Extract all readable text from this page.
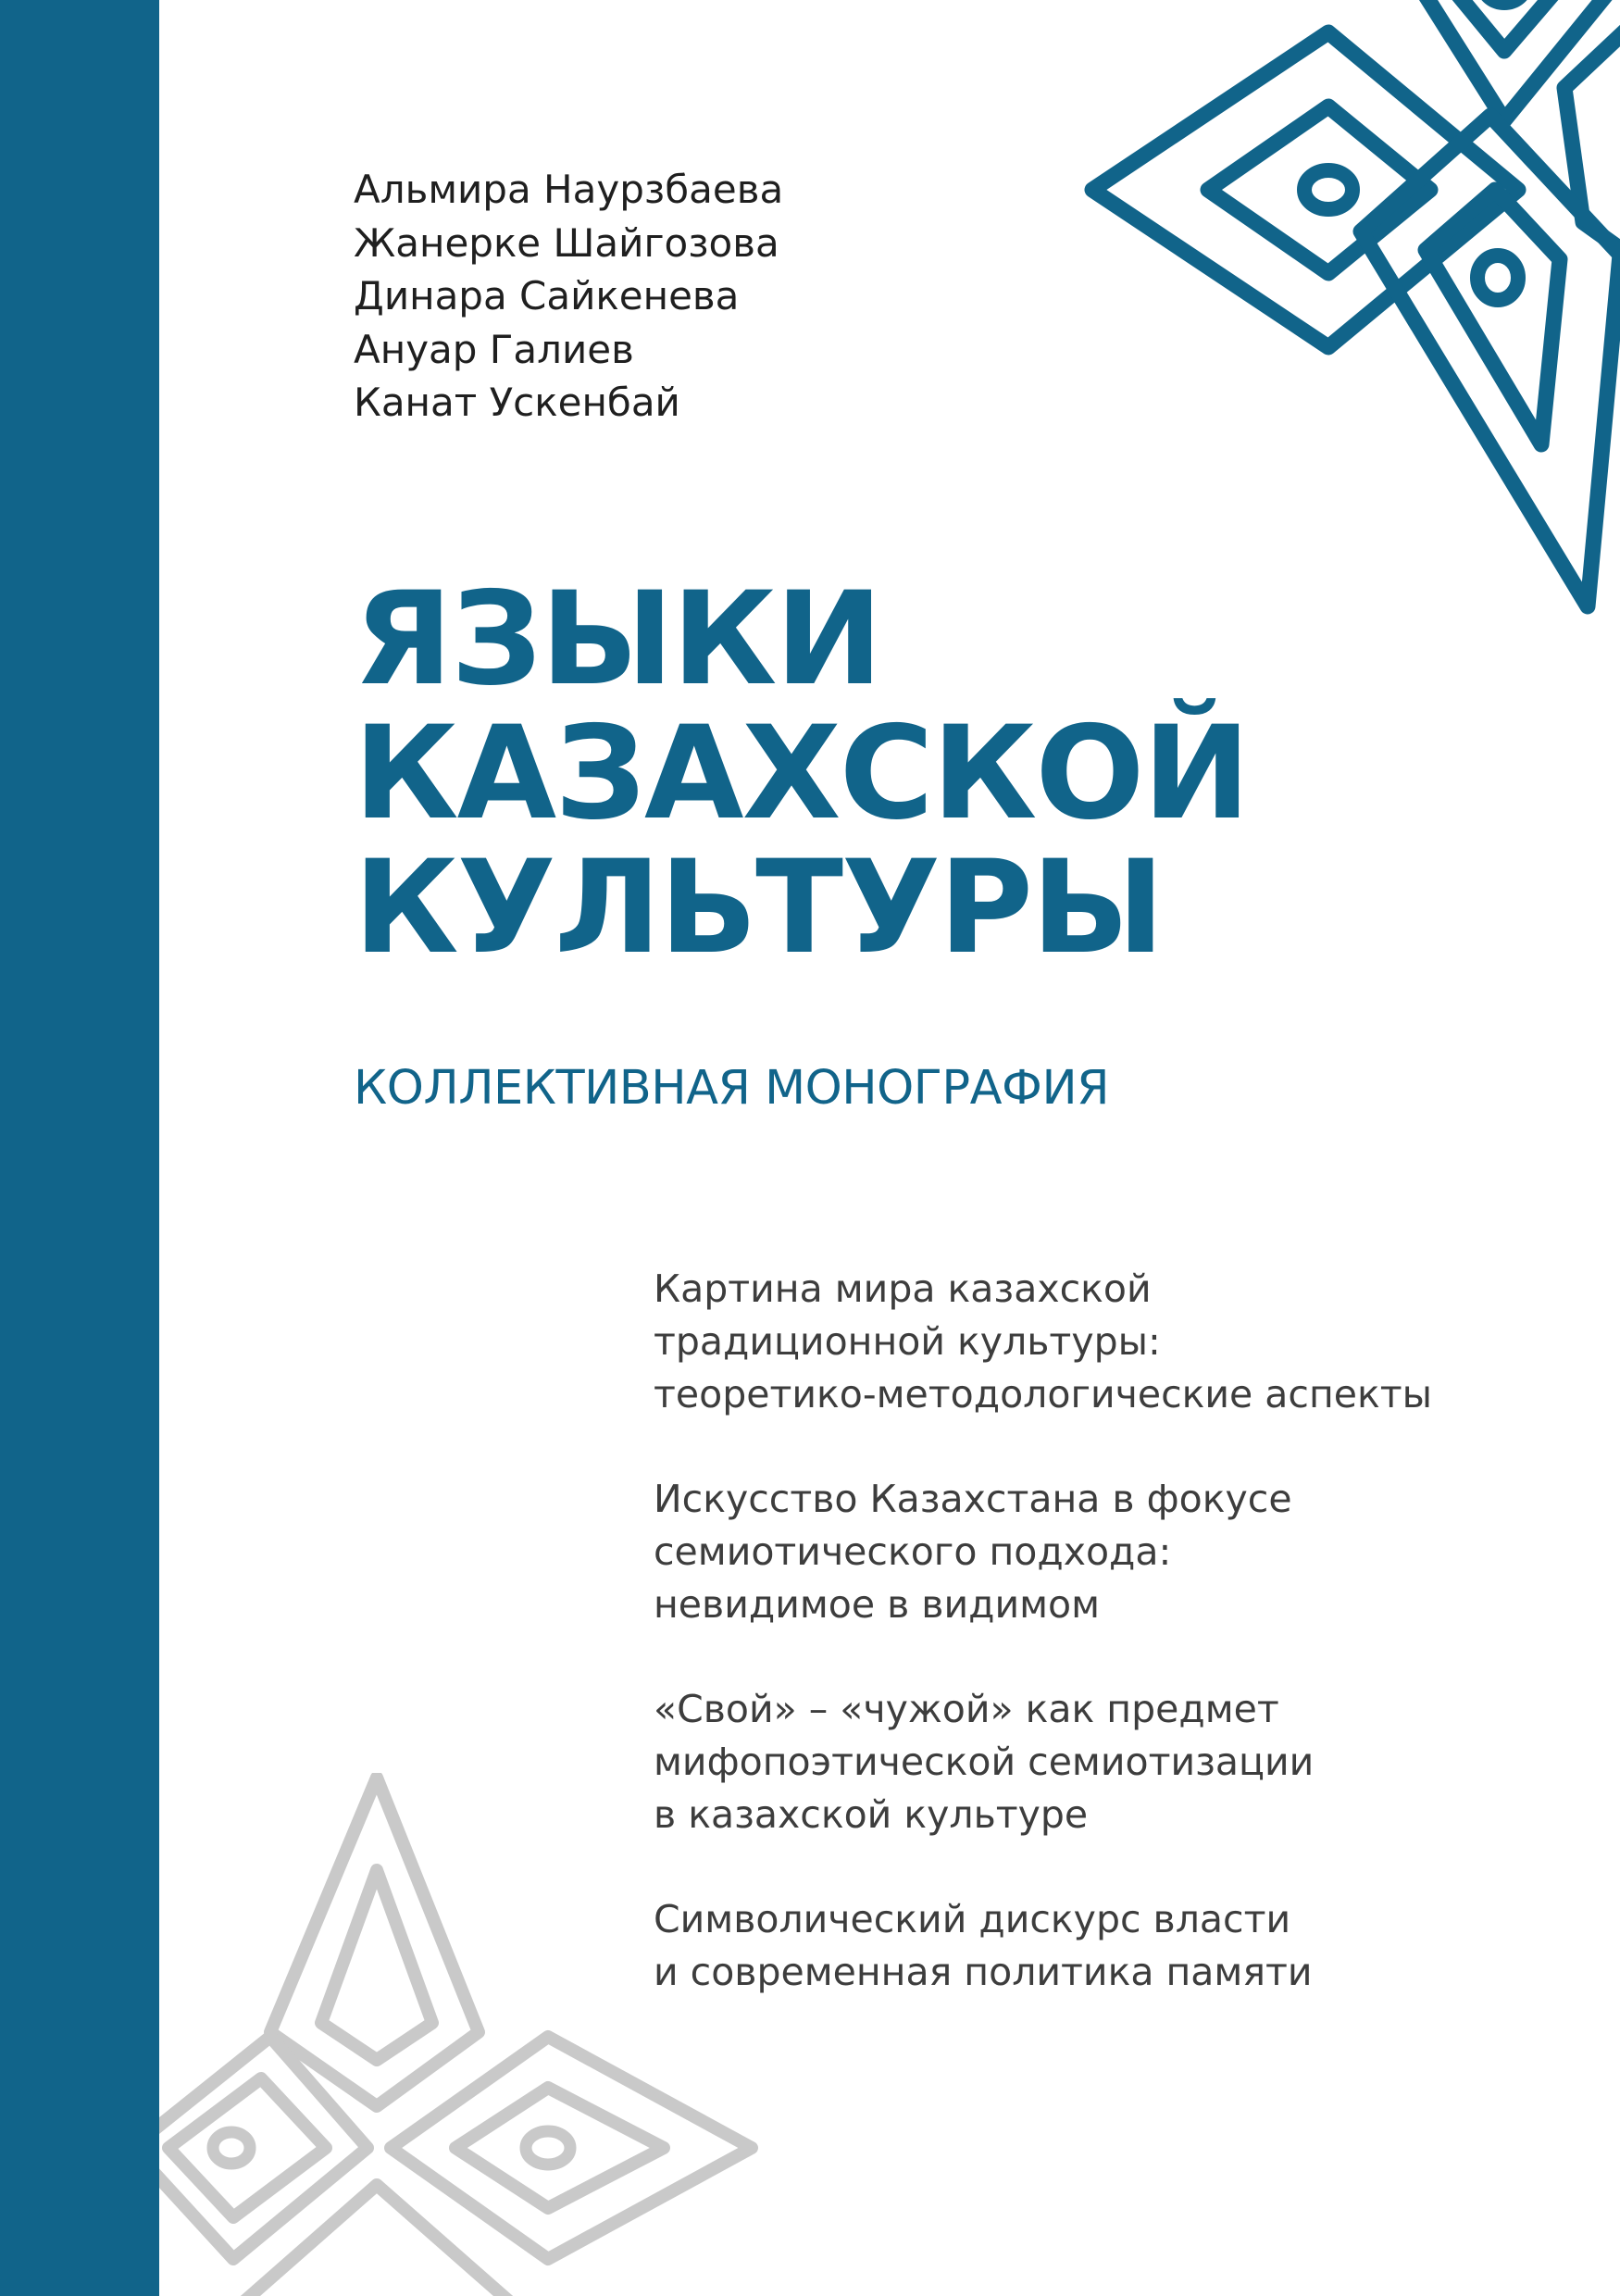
Альмира Наурзбаева
Жанерке Шайгозова
Динара Сайкенева
Ануар Галиев
Канат Ускенбай
ЯЗЫКИ
КАЗАХСКОЙ
КУЛЬТУРЫ
КОЛЛЕКТИВНАЯ МОНОГРАФИЯ
Картина мира казахской
традиционной культуры:
теоретико-методологические аспекты
Искусство Казахстана в фокусе
семиотического подхода:
невидимое в видимом
«Свой» – «чужой» как предмет
мифопоэтической семиотизации
в казахской культуре
Символический дискурс власти
и современная политика памяти
